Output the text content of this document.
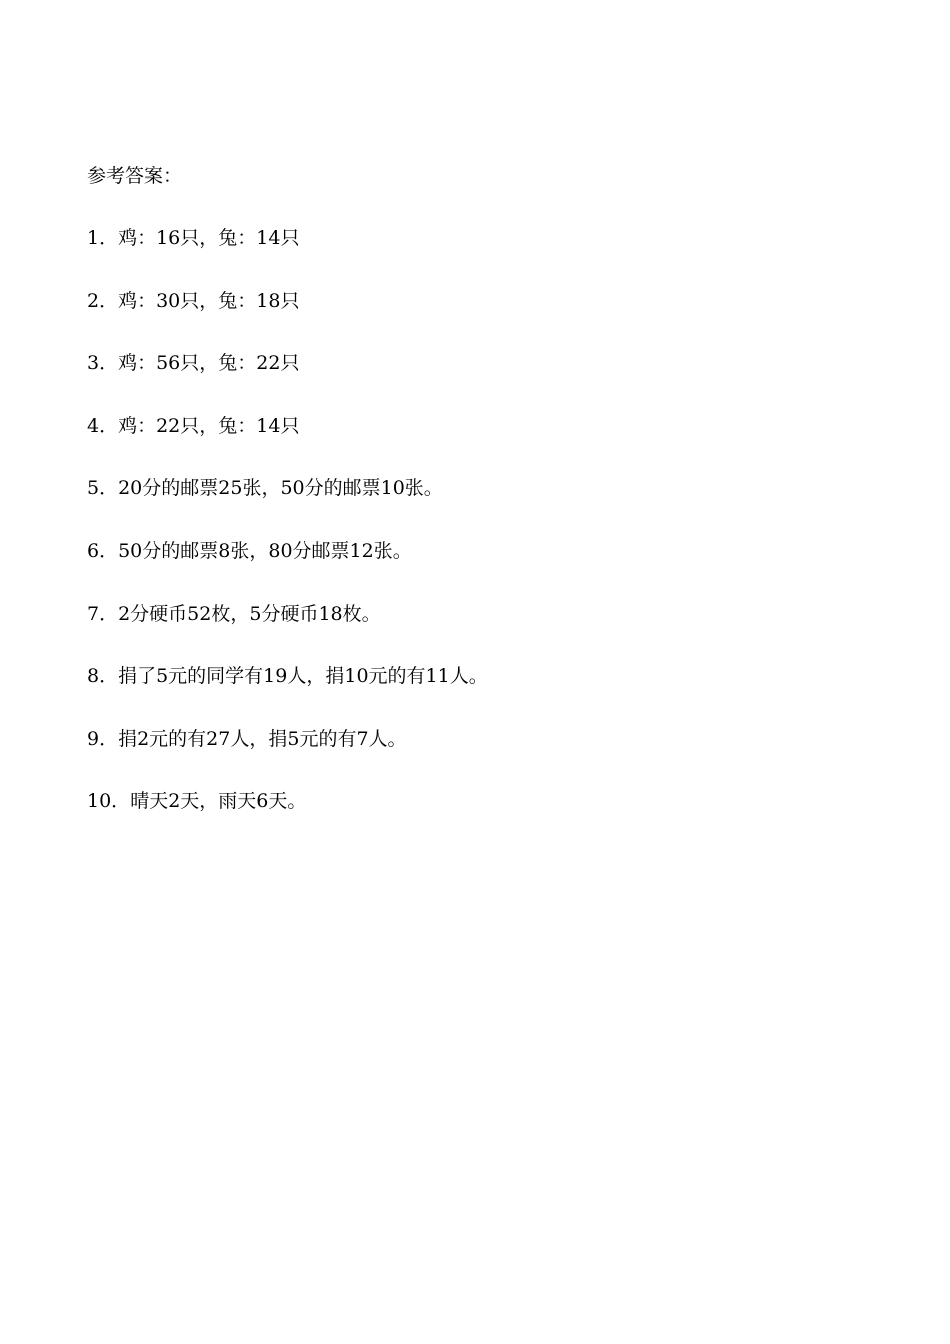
参考答案：
1．鸡：16只，兔：14只
2．鸡：30只，兔：18只
3．鸡：56只，兔：22只
4．鸡：22只，兔：14只
5．20分的邮票25张，50分的邮票10张。
6．50分的邮票8张，80分邮票12张。
7．2分硬币52枚，5分硬币18枚。
8．捐了5元的同学有19人，捐10元的有11人。
9．捐2元的有27人，捐5元的有7人。
10．晴天2天，雨天6天。
